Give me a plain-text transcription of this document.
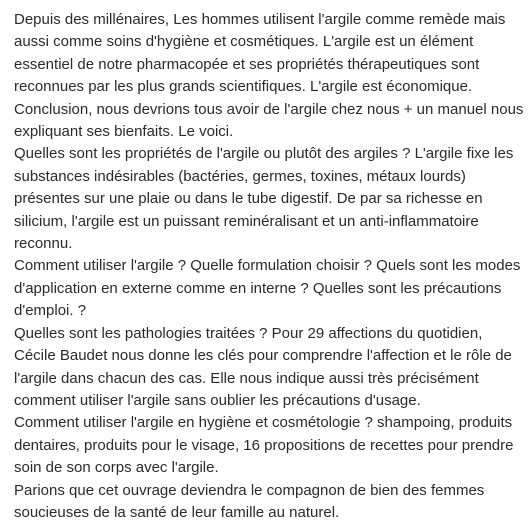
Depuis des millénaires, Les hommes utilisent l'argile comme remède mais aussi comme soins d'hygiène et cosmétiques. L'argile est un élément essentiel de notre pharmacopée et ses propriétés thérapeutiques sont reconnues par les plus grands scientifiques. L'argile est économique. Conclusion, nous devrions tous avoir de l'argile chez nous + un manuel nous expliquant ses bienfaits. Le voici.

Quelles sont les propriétés de l'argile ou plutôt des argiles ? L'argile fixe les substances indésirables (bactéries, germes, toxines, métaux lourds) présentes sur une plaie ou dans le tube digestif. De par sa richesse en silicium, l'argile est un puissant reminéralisant et un anti-inflammatoire reconnu.

Comment utiliser l'argile ? Quelle formulation choisir ? Quels sont les modes d'application en externe comme en interne ? Quelles sont les précautions d'emploi. ?

Quelles sont les pathologies traitées ? Pour 29 affections du quotidien, Cécile Baudet nous donne les clés pour comprendre l'affection et le rôle de l'argile dans chacun des cas. Elle nous indique aussi très précisément comment utiliser l'argile sans oublier les précautions d'usage.

Comment utiliser l'argile en hygiène et cosmétologie ? shampoing, produits dentaires, produits pour le visage, 16 propositions de recettes pour prendre soin de son corps avec l'argile.

Parions que cet ouvrage deviendra le compagnon de bien des femmes soucieuses de la santé de leur famille au naturel.
